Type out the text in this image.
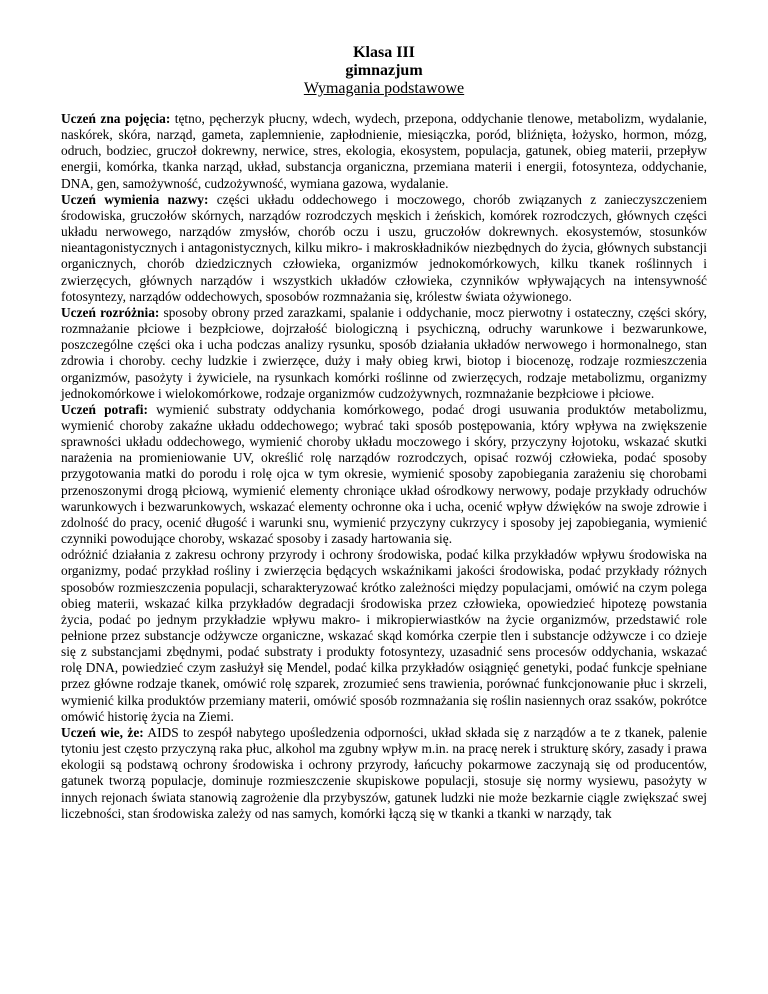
Klasa III
gimnazjum
Wymagania podstawowe

Uczeń zna pojęcia: tętno, pęcherzyk płucny, wdech, wydech, przepona, oddychanie tlenowe, metabolizm, wydalanie, naskórek, skóra, narząd, gameta, zaplemnienie, zapłodnienie, miesiączka, poród, bliźnięta, łożysko, hormon, mózg, odruch, bodziec, gruczoł dokrewny, nerwice, stres, ekologia, ekosystem, populacja, gatunek, obieg materii, przepływ energii, komórka, tkanka narząd, układ, substancja organiczna, przemiana materii i energii, fotosynteza, oddychanie, DNA, gen, samożywność, cudzożywność, wymiana gazowa, wydalanie.

Uczeń wymienia nazwy: części układu oddechowego i moczowego, chorób związanych z zanieczyszczeniem środowiska, gruczołów skórnych, narządów rozrodczych męskich i żeńskich, komórek rozrodczych, głównych części układu nerwowego, narządów zmysłów, chorób oczu i uszu, gruczołów dokrewnych. ekosystemów, stosunków nieantagonistycznych i antagonistycznych, kilku mikro- i makroskładników niezbędnych do życia, głównych substancji organicznych, chorób dziedzicznych człowieka, organizmów jednokomórkowych, kilku tkanek roślinnych i zwierzęcych, głównych narządów i wszystkich układów człowieka, czynników wpływających na intensywność fotosyntezy, narządów oddechowych, sposobów rozmnażania się, królestw świata ożywionego.

Uczeń rozróżnia: sposoby obrony przed zarazkami, spalanie i oddychanie, mocz pierwotny i ostateczny, części skóry, rozmnażanie płciowe i bezpłciowe, dojrzałość biologiczną i psychiczną, odruchy warunkowe i bezwarunkowe, poszczególne części oka i ucha podczas analizy rysunku, sposób działania układów nerwowego i hormonalnego, stan zdrowia i choroby. cechy ludzkie i zwierzęce, duży i mały obieg krwi, biotop i biocenozę, rodzaje rozmieszczenia organizmów, pasożyty i żywiciele, na rysunkach komórki roślinne od zwierzęcych, rodzaje metabolizmu, organizmy jednokomórkowe i wielokomórkowe, rodzaje organizmów cudzożywnych, rozmnażanie bezpłciowe i płciowe.

Uczeń potrafi: wymienić substraty oddychania komórkowego, podać drogi usuwania produktów metabolizmu, wymienić choroby zakaźne układu oddechowego; wybrać taki sposób postępowania, który wpływa na zwiększenie sprawności układu oddechowego, wymienić choroby układu moczowego i skóry, przyczyny łojotoku, wskazać skutki narażenia na promieniowanie UV, określić rolę narządów rozrodczych, opisać rozwój człowieka, podać sposoby przygotowania matki do porodu i rolę ojca w tym okresie, wymienić sposoby zapobiegania zarażeniu się chorobami przenoszonymi drogą płciową, wymienić elementy chroniące układ ośrodkowy nerwowy, podaje przykłady odruchów warunkowych i bezwarunkowych, wskazać elementy ochronne oka i ucha, ocenić wpływ dźwięków na swoje zdrowie i zdolność do pracy, ocenić długość i warunki snu, wymienić przyczyny cukrzycy i sposoby jej zapobiegania, wymienić czynniki powodujące choroby, wskazać sposoby i zasady hartowania się.

odróżnić działania z zakresu ochrony przyrody i ochrony środowiska, podać kilka przykładów wpływu środowiska na organizmy, podać przykład rośliny i zwierzęcia będących wskaźnikami jakości środowiska, podać przykłady różnych sposobów rozmieszczenia populacji, scharakteryzować krótko zależności między populacjami, omówić na czym polega obieg materii, wskazać kilka przykładów degradacji środowiska przez człowieka, opowiedzieć hipotezę powstania życia, podać po jednym przykładzie wpływu makro- i mikropierwiastków na życie organizmów, przedstawić role pełnione przez substancje odżywcze organiczne, wskazać skąd komórka czerpie tlen i substancje odżywcze i co dzieje się z substancjami zbędnymi, podać substraty i produkty fotosyntezy, uzasadnić sens procesów oddychania, wskazać rolę DNA, powiedzieć czym zasłużył się Mendel, podać kilka przykładów osiągnięć genetyki, podać funkcje spełniane przez główne rodzaje tkanek, omówić rolę szparek, zrozumieć sens trawienia, porównać funkcjonowanie płuc i skrzeli, wymienić kilka produktów przemiany materii, omówić sposób rozmnażania się roślin nasiennych oraz ssaków, pokrótce omówić historię życia na Ziemi.

Uczeń wie, że: AIDS to zespół nabytego upośledzenia odporności, układ składa się z narządów a te z tkanek, palenie tytoniu jest często przyczyną raka płuc, alkohol ma zgubny wpływ m.in. na pracę nerek i strukturę skóry, zasady i prawa ekologii są podstawą ochrony środowiska i ochrony przyrody, łańcuchy pokarmowe zaczynają się od producentów, gatunek tworzą populacje, dominuje rozmieszczenie skupiskowe populacji, stosuje się normy wysiewu, pasożyty w innych rejonach świata stanowią zagrożenie dla przybyszów, gatunek ludzki nie może bezkarnie ciągle zwiększać swej liczebności, stan środowiska zależy od nas samych, komórki łączą się w tkanki a tkanki w narządy, tak
